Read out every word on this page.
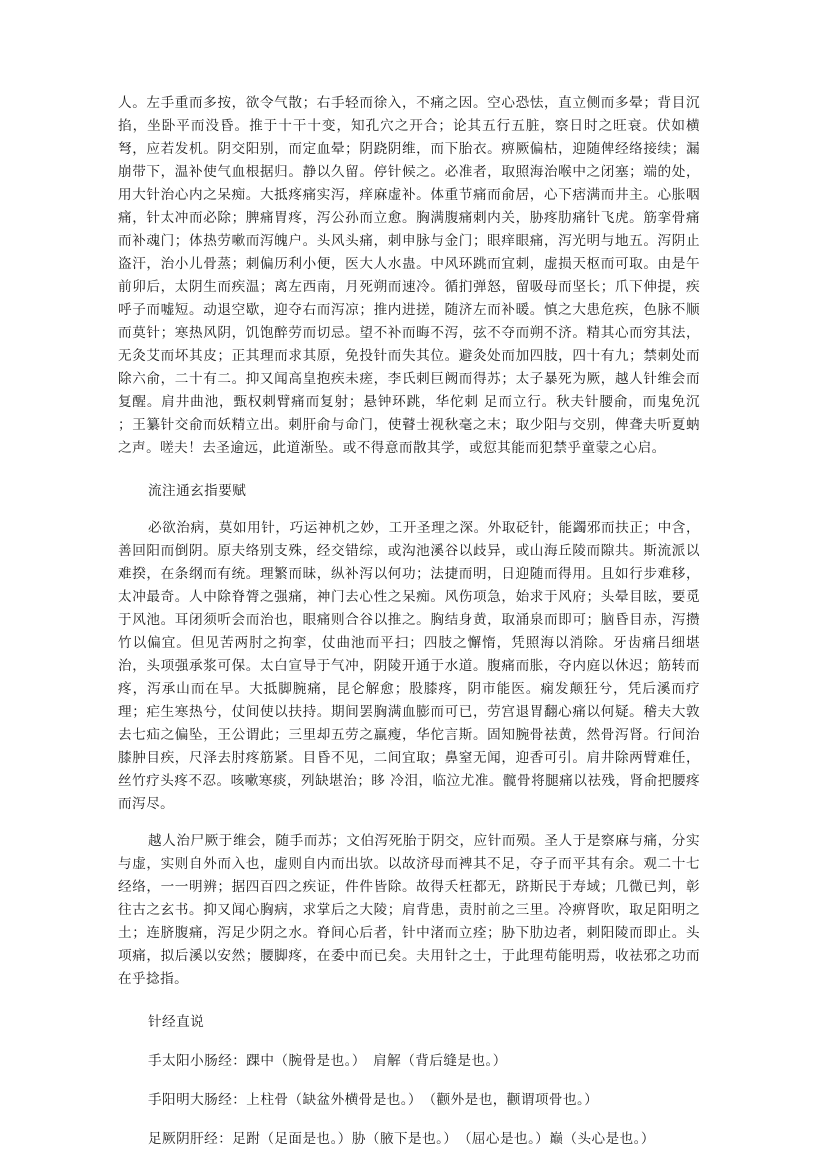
人。左手重而多按，欲令气散；右手轻而徐入，不痛之因。空心恐怯，直立侧而多晕；背目沉掐，坐卧平而没昏。推于十干十变，知孔穴之开合；论其五行五脏，察日时之旺衰。伏如横弩，应若发机。阴交阳别，而定血晕；阴跷阴维，而下胎衣。痹厥偏枯，迎随俾经络接续；漏崩带下，温补使气血根据归。静以久留。停针候之。必准者，取照海治喉中之闭塞；端的处，用大针治心内之呆痴。大抵疼痛实泻，痒麻虚补。体重节痛而俞居，心下痞满而井主。心胀咽痛，针太冲而必除；脾痛胃疼，泻公孙而立愈。胸满腹痛刺内关，胁疼肋痛针飞虎。筋挛骨痛而补魂门；体热劳嗽而泻魄户。头风头痛，刺申脉与金门；眼痒眼痛，泻光明与地五。泻阴止盗汗，治小儿骨蒸；刺偏历利小便，医大人水蛊。中风环跳而宜刺，虚损天枢而可取。由是午前卯后，太阴生而疾温；离左西南，月死朔而速冷。循扪弹怒，留吸母而坚长；爪下伸提，疾呼子而嘘短。动退空歇，迎夺右而泻凉；推内进搓，随济左而补暖。慎之大患危疾，色脉不顺而莫针；寒热风阴，饥饱醉劳而切忌。望不补而晦不泻，弦不夺而朔不济。精其心而穷其法，无灸艾而坏其皮；正其理而求其原，免投针而失其位。避灸处而加四肢，四十有九；禁刺处而除六俞，二十有二。抑又闻高皇抱疾未瘥，李氏刺巨阙而得苏；太子暴死为厥，越人针维会而复醒。肩井曲池，甄权刺臂痛而复射；悬钟环跳，华佗刺 足而立行。秋夫针腰俞，而鬼免沉 ；王纂针交俞而妖精立出。刺肝俞与命门，使瞽士视秋毫之末；取少阳与交别，俾聋夫听夏蚋之声。嗟夫！去圣逾远，此道渐坠。或不得意而散其学，或愆其能而犯禁乎童蒙之心启。

流注通玄指要赋

必欲治病，莫如用针，巧运神机之妙，工开圣理之深。外取砭针，能蠲邪而扶正；中含，善回阳而倒阴。原夫络别支殊，经交错综，或沟池溪谷以歧异，或山海丘陵而隙共。斯流派以难揆，在条纲而有统。理繁而昧，纵补泻以何功；法捷而明，日迎随而得用。且如行步难移，太冲最奇。人中除脊膂之强痛，神门去心性之呆痴。风伤项急，始求于风府；头晕目眩，要觅于风池。耳闭须听会而治也，眼痛则合谷以推之。胸结身黄，取涌泉而即可；脑昏目赤，泻攒竹以偏宜。但见苦两肘之拘挛，仗曲池而平扫；四肢之懈惰，凭照海以消除。牙齿痛吕细堪治，头项强承浆可保。太白宣导于气冲，阴陵开通于水道。腹痛而胀，夺内庭以休迟；筋转而疼，泻承山而在早。大抵脚腕痛，昆仑解愈；股膝疼，阴市能医。痫发颠狂兮，凭后溪而疗理；疟生寒热兮，仗间使以扶持。期间罢胸满血膨而可已，劳宫退胃翻心痛以何疑。稽夫大敦去七疝之偏坠，王公谓此；三里却五劳之羸瘦，华佗言斯。固知腕骨祛黄，然骨泻肾。行间治膝肿目疾，尺泽去肘疼筋紧。目昏不见，二间宜取；鼻窒无闻，迎香可引。肩井除两臂难任，丝竹疗头疼不忍。咳嗽寒痰，列缺堪治；眵 冷泪，临泣尤准。髋骨将腿痛以祛残，肾俞把腰疼而泻尽。

越人治尸厥于维会，随手而苏；文伯泻死胎于阴交，应针而殒。圣人于是察麻与痛，分实与虚，实则自外而入也，虚则自内而出欤。以故济母而裨其不足，夺子而平其有余。观二十七经络，一一明辨；据四百四之疾证，件件皆除。故得夭枉都无，跻斯民于寿域；几微已判，彰往古之玄书。抑又闻心胸病，求掌后之大陵；肩背患，责肘前之三里。冷痹肾吹，取足阳明之土；连脐腹痛，泻足少阴之水。脊间心后者，针中渚而立痊；胁下肋边者，刺阳陵而即止。头项痛，拟后溪以安然；腰脚疼，在委中而已矣。夫用针之士，于此理苟能明焉，收祛邪之功而在乎捻指。

针经直说

手太阳小肠经：踝中（腕骨是也。）　肩解（背后缝是也。）

手阳明大肠经：上柱骨（缺盆外横骨是也。）　（颧外是也，颧谓项骨也。）

足厥阴肝经：足跗（足面是也。）胁（腋下是也。）　（屈心是也。）巅（头心是也。）
